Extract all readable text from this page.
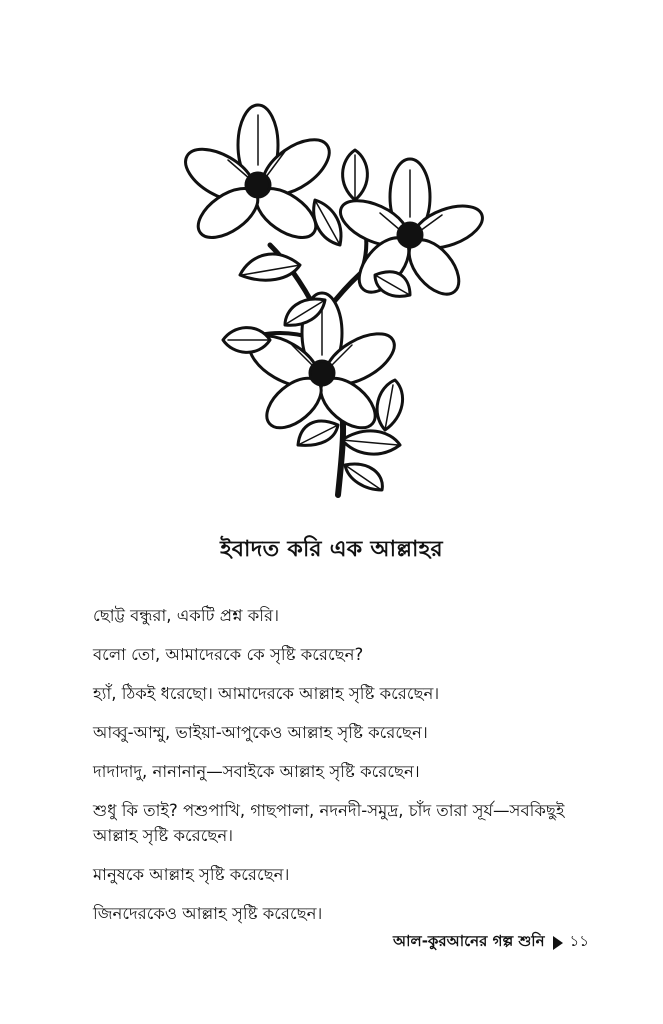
ইবাদত করি এক আল্লাহর

ছোট্ট বন্ধুরা, একটি প্রশ্ন করি।

বলো তো, আমাদেরকে কে সৃষ্টি করেছেন?

হ্যাঁ, ঠিকই ধরেছো। আমাদেরকে আল্লাহ সৃষ্টি করেছেন।

আব্বু-আম্মু, ভাইয়া-আপুকেও আল্লাহ সৃষ্টি করেছেন।

দাদাদাদু, নানানানু—সবাইকে আল্লাহ সৃষ্টি করেছেন।

শুধু কি তাই? পশুপাখি, গাছপালা, নদনদী-সমুদ্র, চাঁদ তারা সূর্য—সবকিছুই আল্লাহ সৃষ্টি করেছেন।

মানুষকে আল্লাহ সৃষ্টি করেছেন।

জিনদেরকেও আল্লাহ সৃষ্টি করেছেন।

আল-কুরআনের গল্প শুনি ১১
